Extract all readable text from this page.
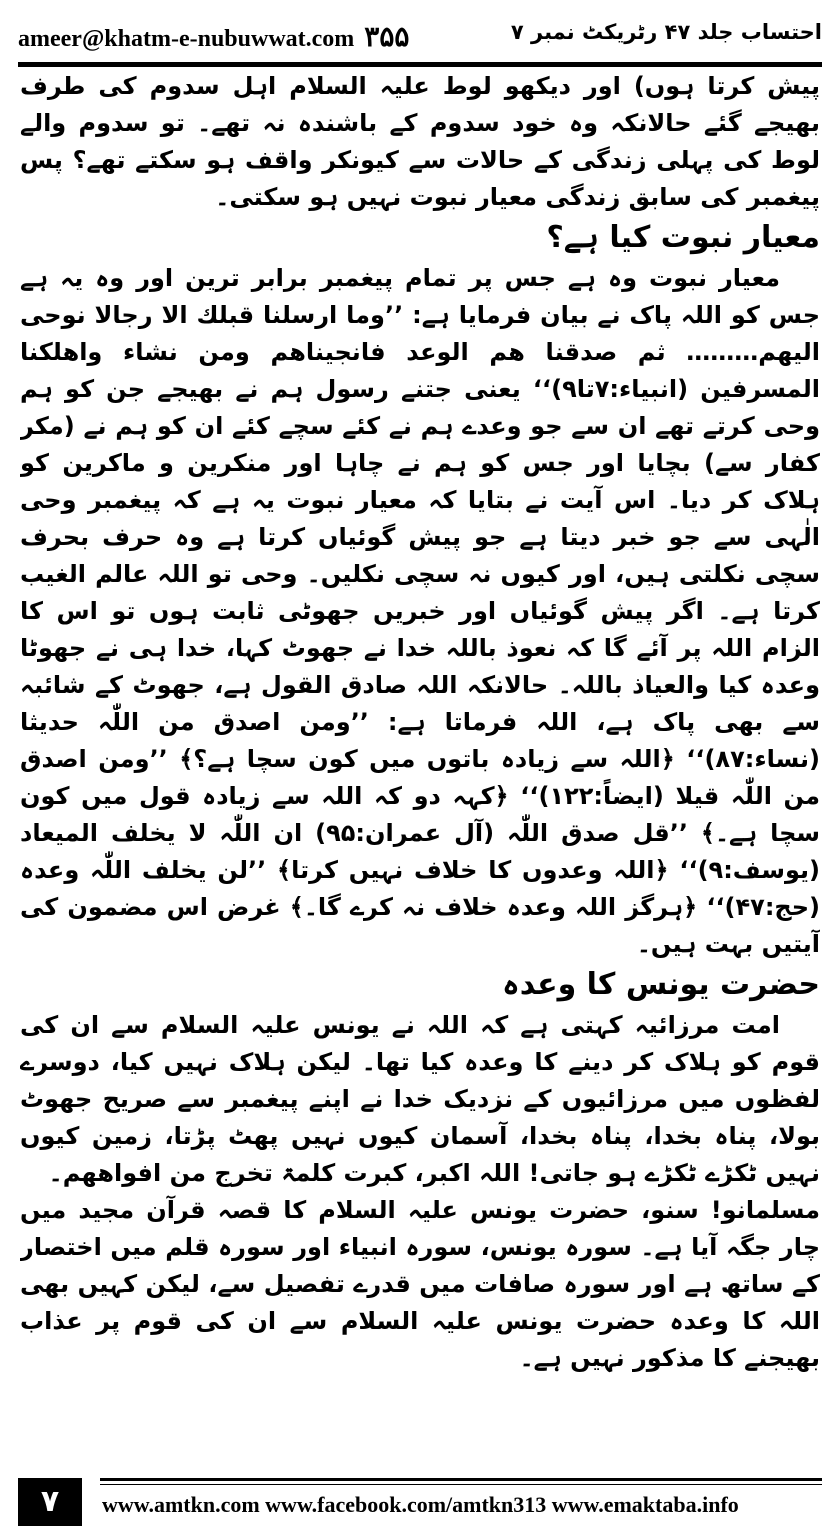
ameer@khatm-e-nubuwwat.com ۳۵۵	احتساب جلد ۴۷ رٹریکٹ نمبر ۷

پیش کرتا ہوں) اور دیکھو لوط علیہ السلام اہل سدوم کی طرف بھیجے گئے حالانکہ وہ خود سدوم کے باشندہ نہ تھے۔ تو سدوم والے لوط کی پہلی زندگی کے حالات سے کیونکر واقف ہو سکتے تھے؟ پس پیغمبر کی سابق زندگی معیار نبوت نہیں ہو سکتی۔

معیار نبوت کیا ہے؟

معیار نبوت وہ ہے جس پر تمام پیغمبر برابر ترین اور وہ یہ ہے جس کو اللہ پاک نے بیان فرمایا ہے: ’’وما ارسلنا قبلك الا رجالا نوحی الیھم……… ثم صدقنا ھم الوعد فانجیناھم ومن نشاء واھلکنا المسرفین (انبیاء:۷تا۹)‘‘ یعنی جتنے رسول ہم نے بھیجے جن کو ہم وحی کرتے تھے ان سے جو وعدے ہم نے کئے سچے کئے ان کو ہم نے (مکر کفار سے) بچایا اور جس کو ہم نے چاہا اور منکرین و ماکرین کو ہلاک کر دیا۔ اس آیت نے بتایا کہ معیار نبوت یہ ہے کہ پیغمبر وحی الٰہی سے جو خبر دیتا ہے جو پیش گوئیاں کرتا ہے وہ حرف بحرف سچی نکلتی ہیں، اور کیوں نہ سچی نکلیں۔ وحی تو اللہ عالم الغیب کرتا ہے۔ اگر پیش گوئیاں اور خبریں جھوٹی ثابت ہوں تو اس کا الزام اللہ پر آئے گا کہ نعوذ باللہ خدا نے جھوٹ کہا، خدا ہی نے جھوٹا وعدہ کیا والعیاذ باللہ۔ حالانکہ اللہ صادق القول ہے، جھوٹ کے شائبہ سے بھی پاک ہے، اللہ فرماتا ہے: ’’ومن اصدق من اللّٰہ حدیثا (نساء:۸۷)‘‘ ﴿اللہ سے زیادہ باتوں میں کون سچا ہے؟﴾ ’’ومن اصدق من اللّٰہ قیلا (ایضاً:۱۲۲)‘‘ ﴿کہہ دو کہ اللہ سے زیادہ قول میں کون سچا ہے۔﴾ ’’قل صدق اللّٰہ (آل عمران:۹۵) ان اللّٰہ لا یخلف المیعاد (یوسف:۹)‘‘ ﴿اللہ وعدوں کا خلاف نہیں کرتا﴾ ’’لن یخلف اللّٰہ وعدہ (حج:۴۷)‘‘ ﴿ہرگز اللہ وعدہ خلاف نہ کرے گا۔﴾ غرض اس مضمون کی آیتیں بہت ہیں۔

حضرت یونس کا وعدہ

امت مرزائیہ کہتی ہے کہ اللہ نے یونس علیہ السلام سے ان کی قوم کو ہلاک کر دینے کا وعدہ کیا تھا۔ لیکن ہلاک نہیں کیا، دوسرے لفظوں میں مرزائیوں کے نزدیک خدا نے اپنے پیغمبر سے صریح جھوٹ بولا، پناہ بخدا، پناہ بخدا، آسمان کیوں نہیں پھٹ پڑتا، زمین کیوں نہیں ٹکڑے ٹکڑے ہو جاتی! اللہ اکبر، کبرت کلمۃ تخرج من افواھھم۔

مسلمانو! سنو، حضرت یونس علیہ السلام کا قصہ قرآن مجید میں چار جگہ آیا ہے۔ سورہ یونس، سورہ انبیاء اور سورہ قلم میں اختصار کے ساتھ ہے اور سورہ صافات میں قدرے تفصیل سے، لیکن کہیں بھی اللہ کا وعدہ حضرت یونس علیہ السلام سے ان کی قوم پر عذاب بھیجنے کا مذکور نہیں ہے۔

۷	www.amtkn.com www.facebook.com/amtkn313 www.emaktaba.info
